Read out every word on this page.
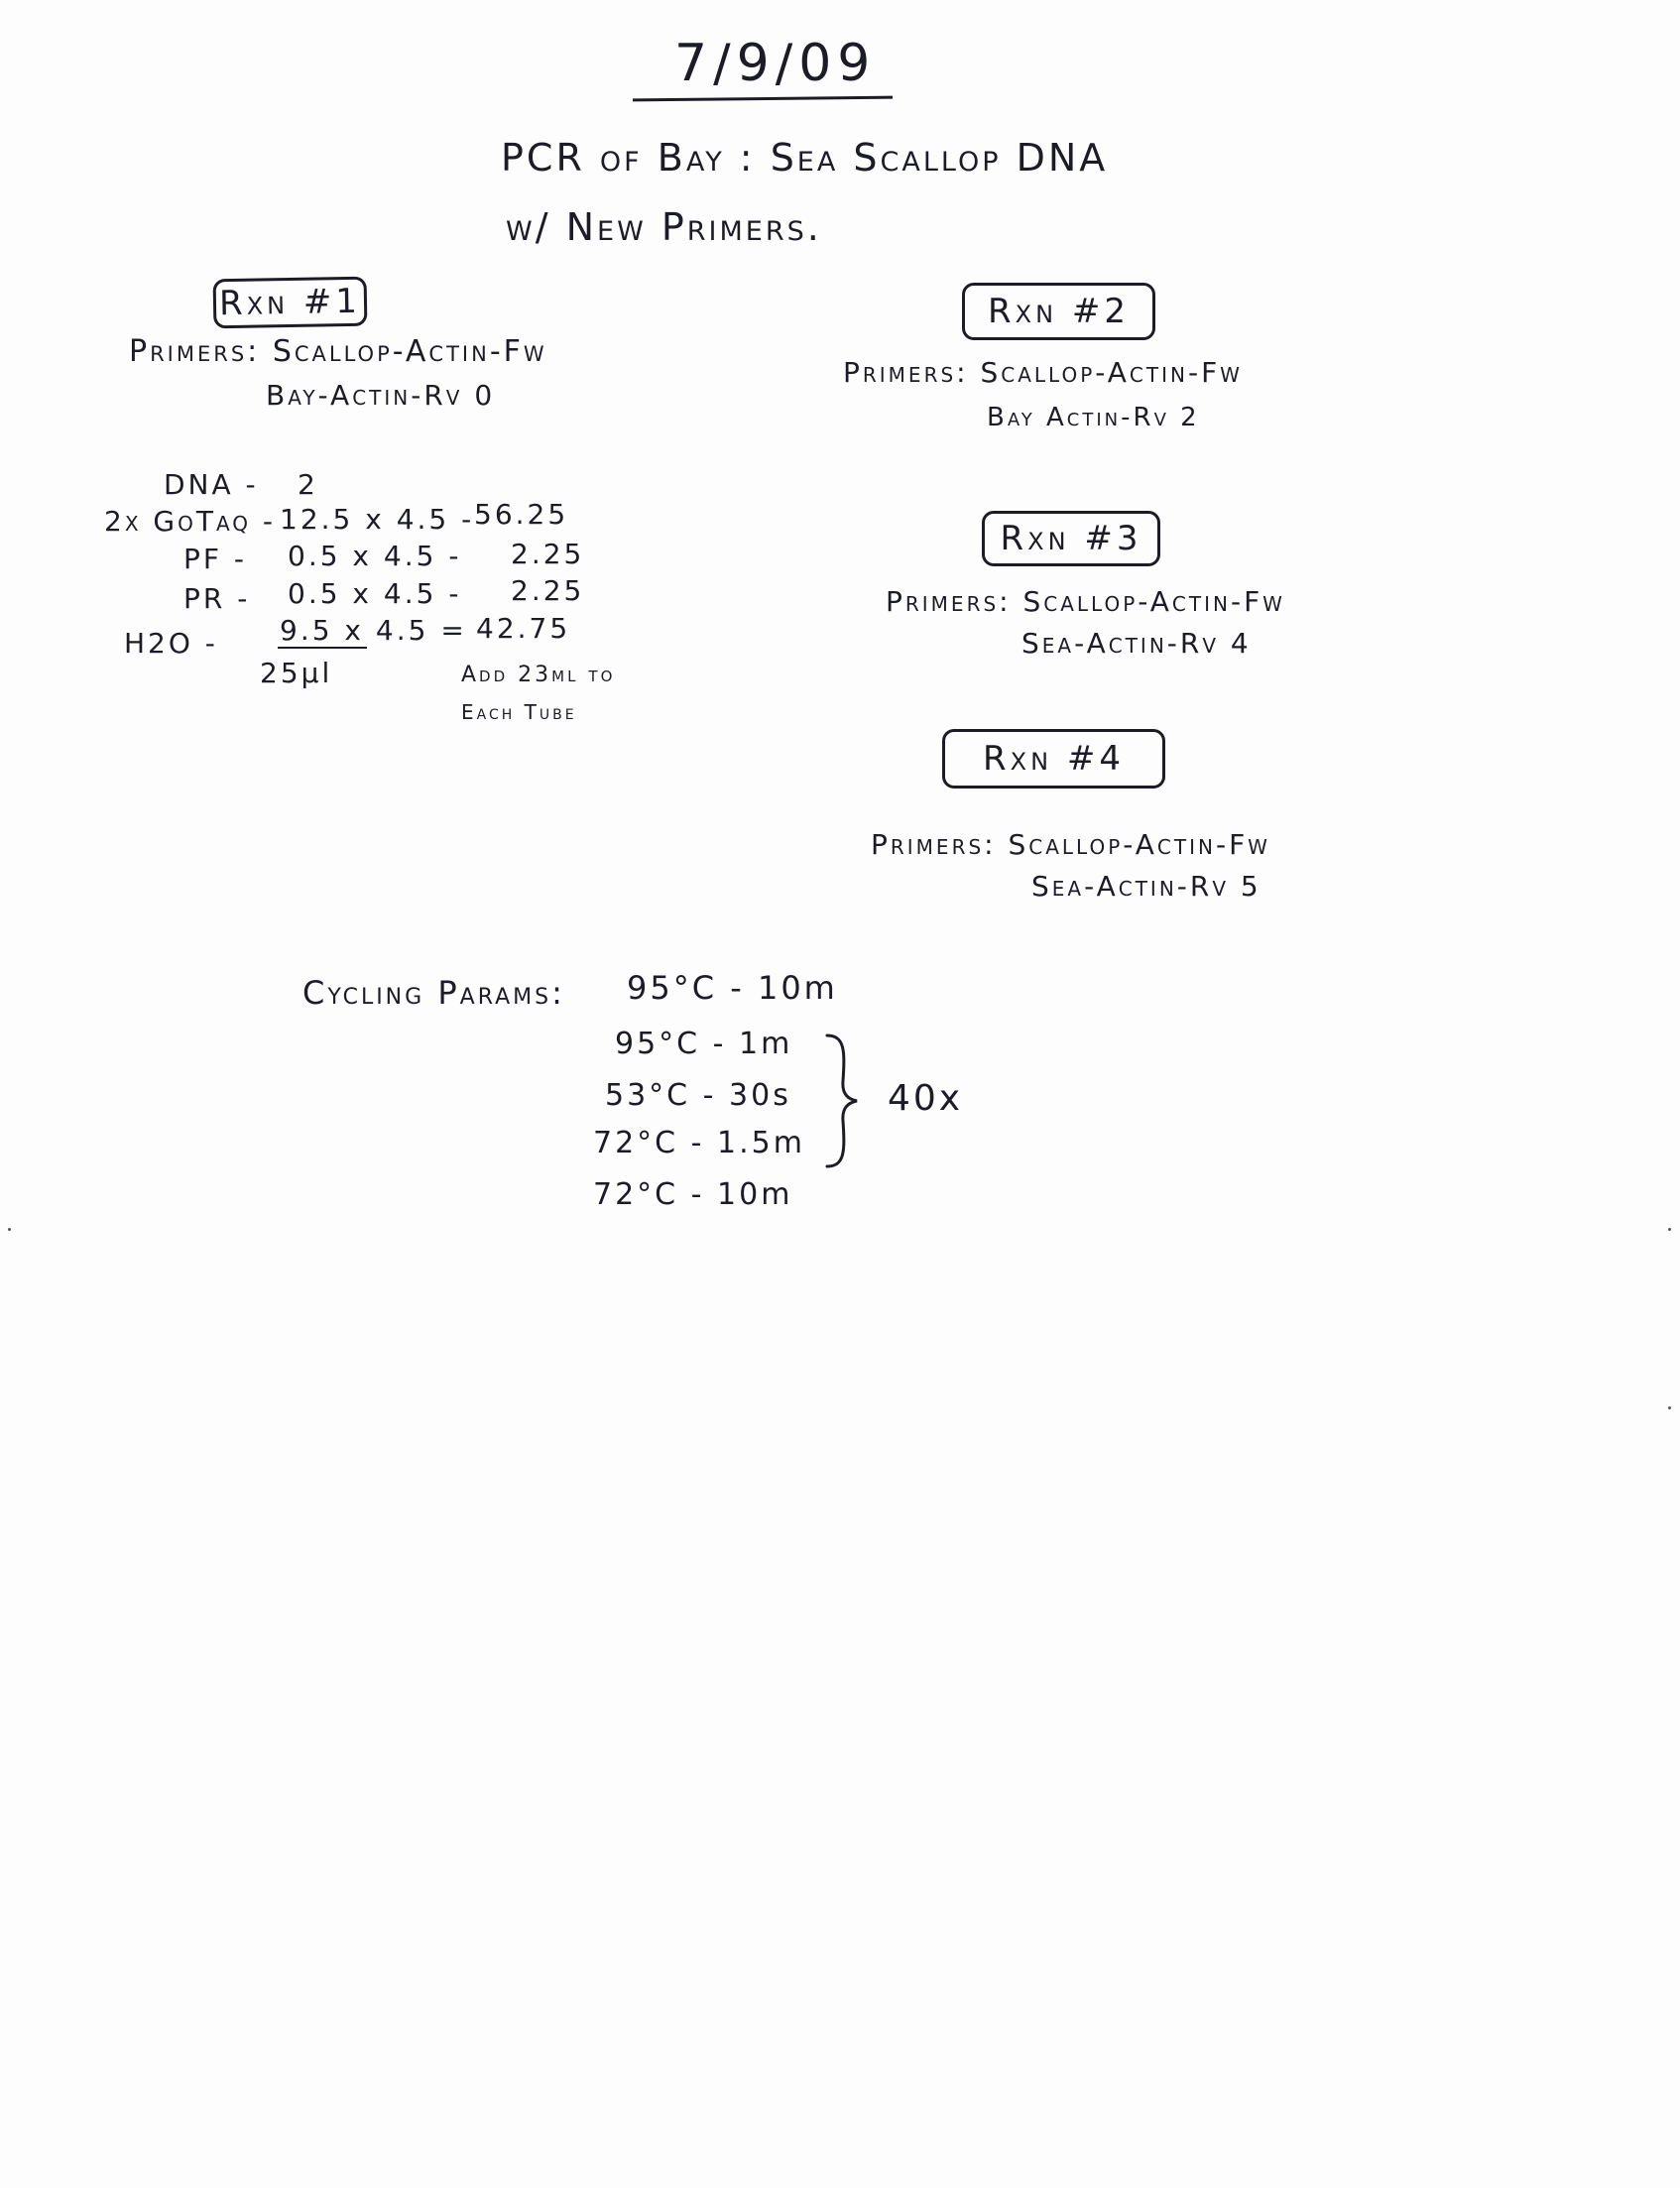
7/9/09
PCR of Bay : Sea Scallop DNA
w/ New Primers.
Rxn #1
Primers: Scallop-Actin-Fw
Bay-Actin-Rv 0
Rxn #2
Primers: Scallop-Actin-Fw
Bay Actin-Rv 2
Rxn #3
Primers: Scallop-Actin-Fw
Sea-Actin-Rv 4
Rxn #4
Primers: Scallop-Actin-Fw
Sea-Actin-Rv 5
DNA - 2
2x GoTaq - 12.5 x 4.5 - 56.25
PF - 0.5 x 4.5 - 2.25
PR - 0.5 x 4.5 - 2.25
H2O - 9.5 x 4.5 = 42.75
25µl	Add 23µl to
Each Tube
Cycling Params: 95°C - 10m
95°C - 1m
53°C - 30s
72°C - 1.5m
72°C - 10m
40x
